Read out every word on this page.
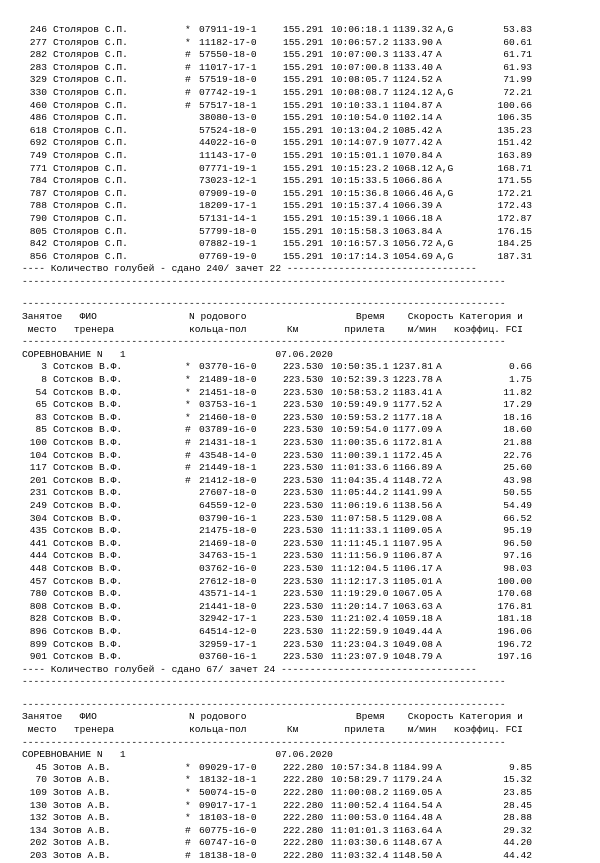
246 Столяров С.П.	* 07911-19-1	155.291 10:06:18.1 1139.32 A,G	53.83
277 Столяров С.П.	* 11182-17-0	155.291 10:06:57.2 1133.90 A	60.61
282 Столяров С.П.	# 57550-18-0	155.291 10:07:00.3 1133.47 A	61.71
283 Столяров С.П.	# 11017-17-1	155.291 10:07:00.8 1133.40 A	61.93
329 Столяров С.П.	# 57519-18-0	155.291 10:08:05.7 1124.52 A	71.99
330 Столяров С.П.	# 07742-19-1	155.291 10:08:08.7 1124.12 A,G	72.21
460 Столяров С.П.	# 57517-18-1	155.291 10:10:33.1 1104.87 A	100.66
486 Столяров С.П.	38080-13-0	155.291 10:10:54.0 1102.14 A	106.35
618 Столяров С.П.	57524-18-0	155.291 10:13:04.2 1085.42 A	135.23
692 Столяров С.П.	44022-16-0	155.291 10:14:07.9 1077.42 A	151.42
749 Столяров С.П.	11143-17-0	155.291 10:15:01.1 1070.84 A	163.89
771 Столяров С.П.	07771-19-1	155.291 10:15:23.2 1068.12 A,G	168.71
784 Столяров С.П.	73023-12-1	155.291 10:15:33.5 1066.86 A	171.55
787 Столяров С.П.	07909-19-0	155.291 10:15:36.8 1066.46 A,G	172.21
788 Столяров С.П.	18209-17-1	155.291 10:15:37.4 1066.39 A	172.43
790 Столяров С.П.	57131-14-1	155.291 10:15:39.1 1066.18 A	172.87
805 Столяров С.П.	57799-18-0	155.291 10:15:58.3 1063.84 A	176.15
842 Столяров С.П.	07882-19-1	155.291 10:16:57.3 1056.72 A,G	184.25
856 Столяров С.П.	07769-19-0	155.291 10:17:14.3 1054.69 A,G	187.31
---- Количество голубей - сдано 240/ зачет 22 ---------------------------------
------------------------------------------------------------------------------------
------------------------------------------------------------------------------------
Занятое   ФИО                N родового                   Время    Скорость Категория и
место   тренера             кольца-пол       Км        прилета    м/мин   коэффиц. FCI
------------------------------------------------------------------------------------
СОРЕВНОВАНИЕ N   1	07.06.2020
3 Сотсков В.Ф.	* 03770-16-0	223.530 10:50:35.1 1237.81 A	0.66
8 Сотсков В.Ф.	* 21489-18-0	223.530 10:52:39.3 1223.78 A	1.75
54 Сотсков В.Ф.	* 21451-18-0	223.530 10:58:53.2 1183.41 A	11.82
65 Сотсков В.Ф.	* 03753-16-1	223.530 10:59:49.9 1177.52 A	17.29
83 Сотсков В.Ф.	* 21460-18-0	223.530 10:59:53.2 1177.18 A	18.16
85 Сотсков В.Ф.	# 03789-16-0	223.530 10:59:54.0 1177.09 A	18.60
100 Сотсков В.Ф.	# 21431-18-1	223.530 11:00:35.6 1172.81 A	21.88
104 Сотсков В.Ф.	# 43548-14-0	223.530 11:00:39.1 1172.45 A	22.76
117 Сотсков В.Ф.	# 21449-18-1	223.530 11:01:33.6 1166.89 A	25.60
201 Сотсков В.Ф.	# 21412-18-0	223.530 11:04:35.4 1148.72 A	43.98
231 Сотсков В.Ф.	27607-18-0	223.530 11:05:44.2 1141.99 A	50.55
249 Сотсков В.Ф.	64559-12-0	223.530 11:06:19.6 1138.56 A	54.49
304 Сотсков В.Ф.	03790-16-1	223.530 11:07:58.5 1129.08 A	66.52
435 Сотсков В.Ф.	21475-18-0	223.530 11:11:33.1 1109.05 A	95.19
441 Сотсков В.Ф.	21469-18-0	223.530 11:11:45.1 1107.95 A	96.50
444 Сотсков В.Ф.	34763-15-1	223.530 11:11:56.9 1106.87 A	97.16
448 Сотсков В.Ф.	03762-16-0	223.530 11:12:04.5 1106.17 A	98.03
457 Сотсков В.Ф.	27612-18-0	223.530 11:12:17.3 1105.01 A	100.00
780 Сотсков В.Ф.	43571-14-1	223.530 11:19:29.0 1067.05 A	170.68
808 Сотсков В.Ф.	21441-18-0	223.530 11:20:14.7 1063.63 A	176.81
828 Сотсков В.Ф.	32942-17-1	223.530 11:21:02.4 1059.18 A	181.18
896 Сотсков В.Ф.	64514-12-0	223.530 11:22:59.9 1049.44 A	196.06
899 Сотсков В.Ф.	32959-17-1	223.530 11:23:04.3 1049.08 A	196.72
901 Сотсков В.Ф.	03760-16-1	223.530 11:23:07.9 1048.79 A	197.16
---- Количество голубей - сдано 67/ зачет 24 ----------------------------------
------------------------------------------------------------------------------------
------------------------------------------------------------------------------------
Занятое   ФИО                N родового                   Время    Скорость Категория и
место   тренера             кольца-пол       Км        прилета    м/мин   коэффиц. FCI
------------------------------------------------------------------------------------
СОРЕВНОВАНИЕ N   1	07.06.2020
45 Зотов А.В.	* 09029-17-0	222.280 10:57:34.8 1184.99 A	9.85
70 Зотов А.В.	* 18132-18-1	222.280 10:58:29.7 1179.24 A	15.32
109 Зотов А.В.	* 50074-15-0	222.280 11:00:08.2 1169.05 A	23.85
130 Зотов А.В.	* 09017-17-1	222.280 11:00:52.4 1164.54 A	28.45
132 Зотов А.В.	* 18103-18-0	222.280 11:00:53.0 1164.48 A	28.88
134 Зотов А.В.	# 60775-16-0	222.280 11:01:01.3 1163.64 A	29.32
202 Зотов А.В.	# 60747-16-0	222.280 11:03:30.6 1148.67 A	44.20
203 Зотов А.В.	# 18138-18-0	222.280 11:03:32.4 1148.50 A	44.42
